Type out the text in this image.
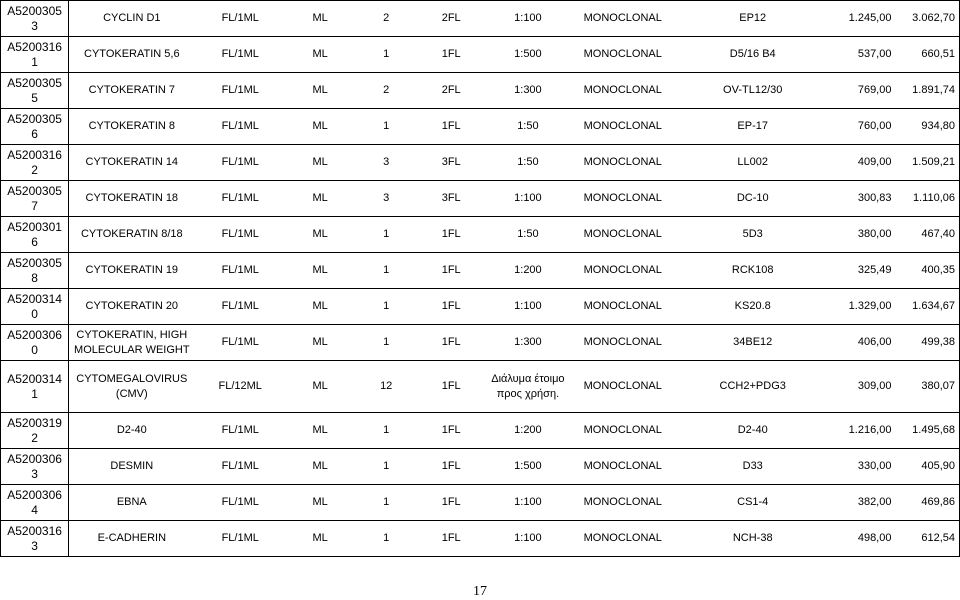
A52003053	CYCLIN D1	FL/1ML	ML	2	2FL	1:100	MONOCLONAL	EP12	1.245,00	3.062,70
A52003161	CYTOKERATIN 5,6	FL/1ML	ML	1	1FL	1:500	MONOCLONAL	D5/16 B4	537,00	660,51
A52003055	CYTOKERATIN 7	FL/1ML	ML	2	2FL	1:300	MONOCLONAL	OV-TL12/30	769,00	1.891,74
A52003056	CYTOKERATIN 8	FL/1ML	ML	1	1FL	1:50	MONOCLONAL	EP-17	760,00	934,80
A52003162	CYTOKERATIN 14	FL/1ML	ML	3	3FL	1:50	MONOCLONAL	LL002	409,00	1.509,21
A52003057	CYTOKERATIN 18	FL/1ML	ML	3	3FL	1:100	MONOCLONAL	DC-10	300,83	1.110,06
A52003016	CYTOKERATIN 8/18	FL/1ML	ML	1	1FL	1:50	MONOCLONAL	5D3	380,00	467,40
A52003058	CYTOKERATIN 19	FL/1ML	ML	1	1FL	1:200	MONOCLONAL	RCK108	325,49	400,35
A52003140	CYTOKERATIN 20	FL/1ML	ML	1	1FL	1:100	MONOCLONAL	KS20.8	1.329,00	1.634,67
A52003060	CYTOKERATIN, HIGH MOLECULAR WEIGHT	FL/1ML	ML	1	1FL	1:300	MONOCLONAL	34BE12	406,00	499,38
A52003141	CYTOMEGALOVIRUS (CMV)	FL/12ML	ML	12	1FL	Διάλυμα έτοιμο προς χρήση.	MONOCLONAL	CCH2+PDG3	309,00	380,07
A52003192	D2-40	FL/1ML	ML	1	1FL	1:200	MONOCLONAL	D2-40	1.216,00	1.495,68
A52003063	DESMIN	FL/1ML	ML	1	1FL	1:500	MONOCLONAL	D33	330,00	405,90
A52003064	EBNA	FL/1ML	ML	1	1FL	1:100	MONOCLONAL	CS1-4	382,00	469,86
A52003163	E-CADHERIN	FL/1ML	ML	1	1FL	1:100	MONOCLONAL	NCH-38	498,00	612,54
17
